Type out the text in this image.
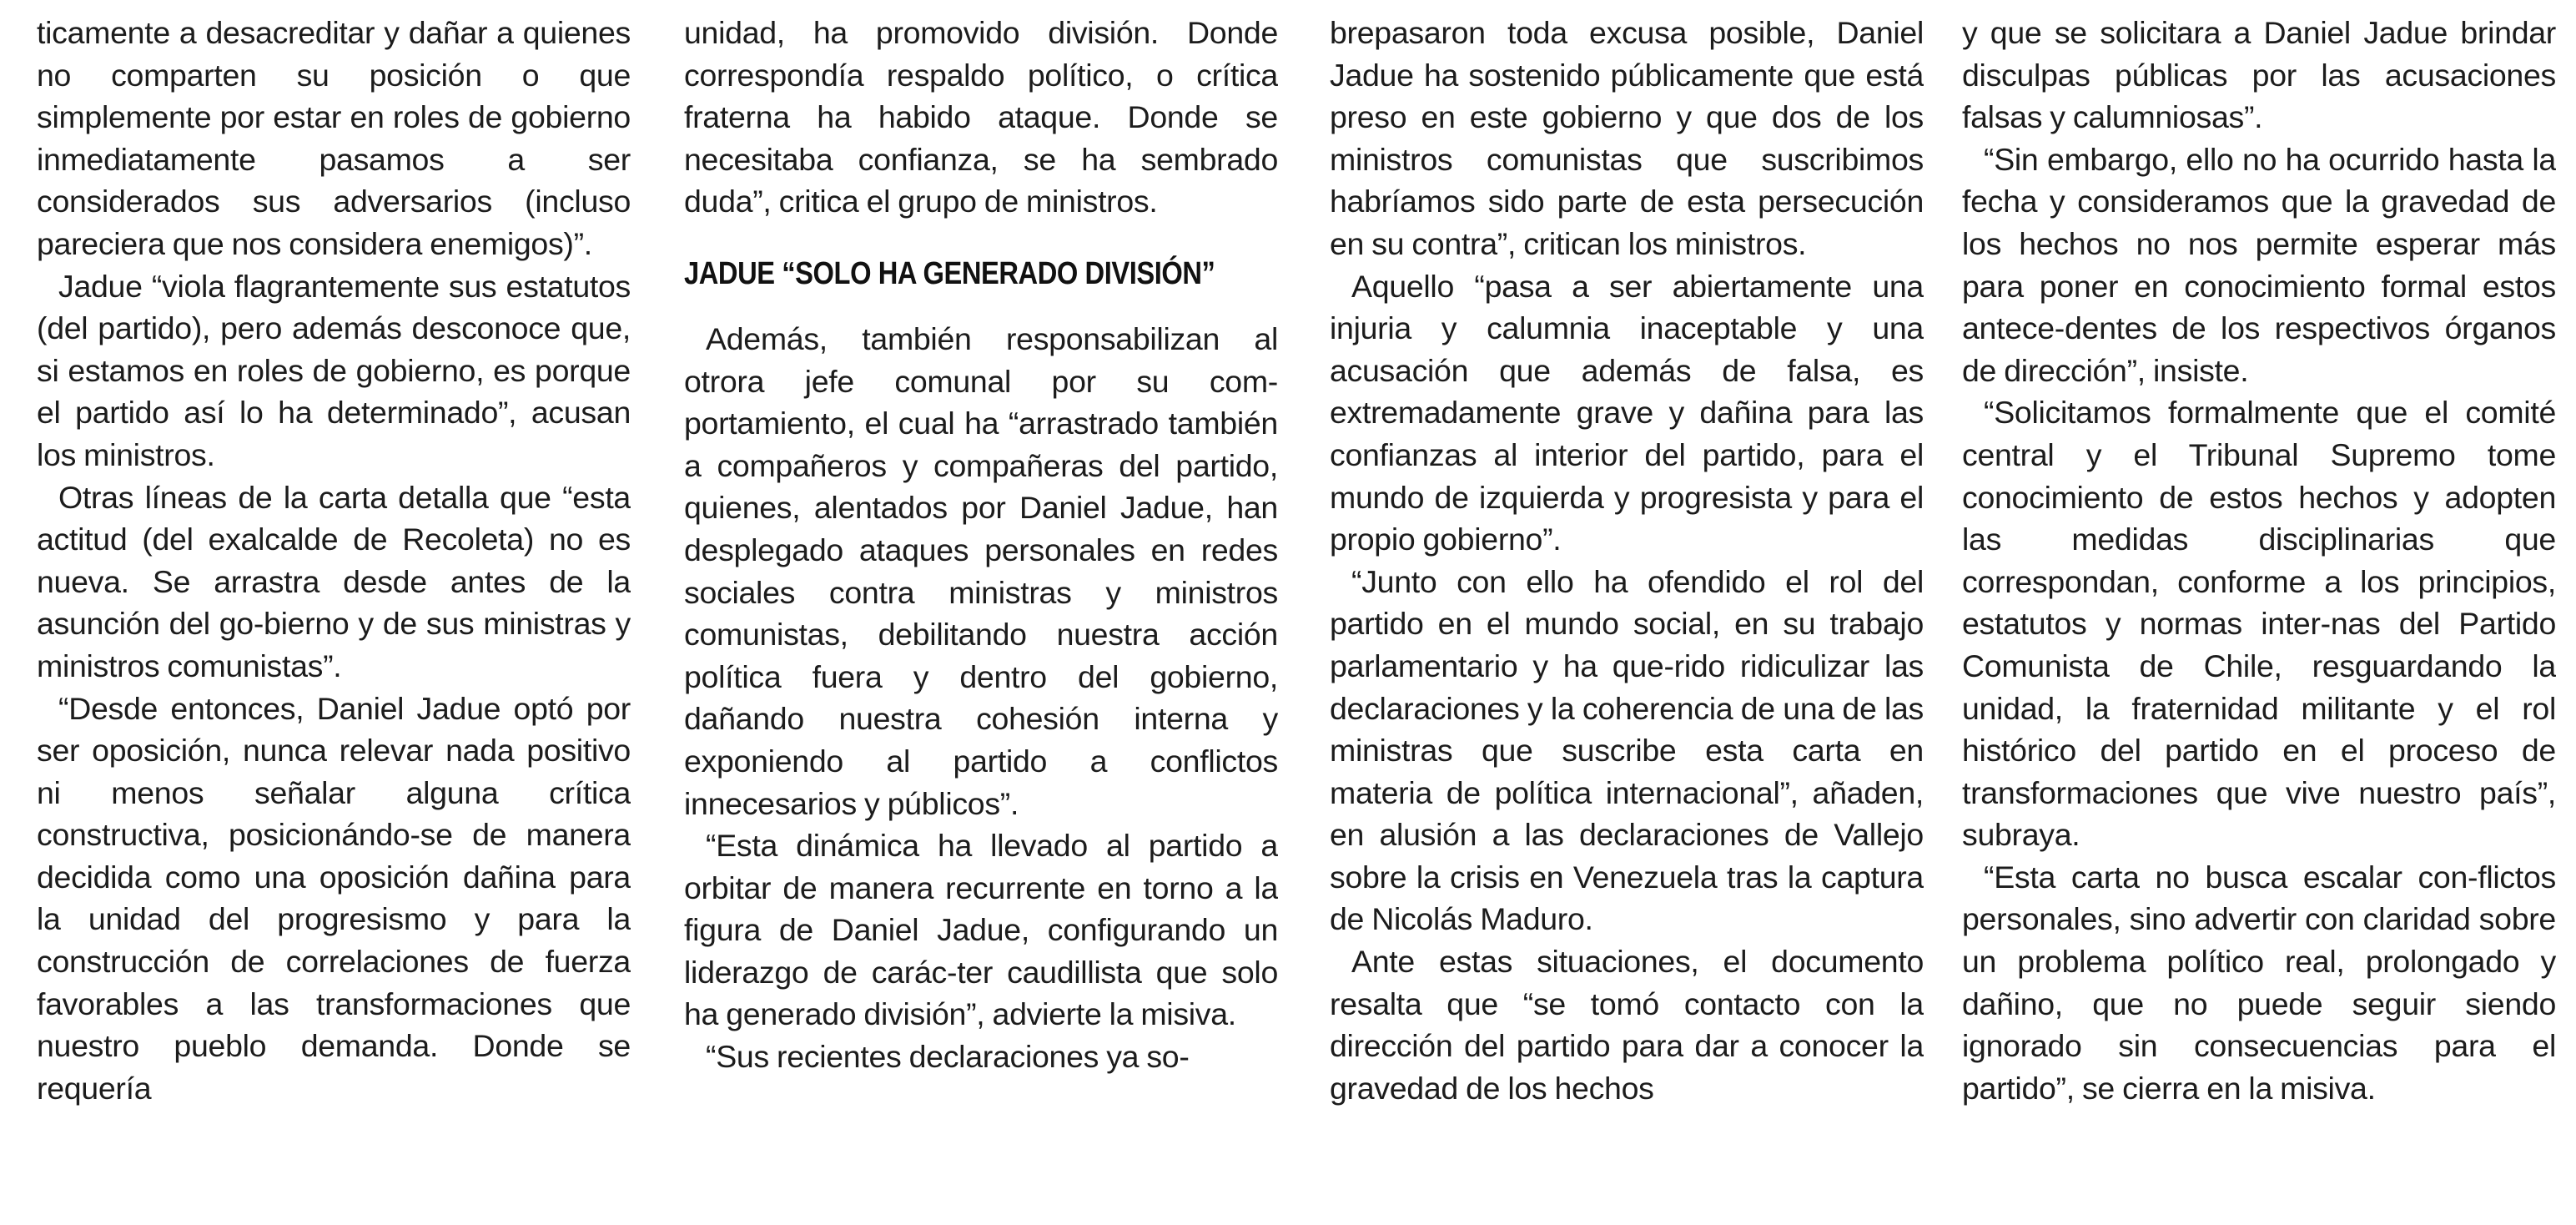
ticamente a desacreditar y dañar a quienes no comparten su posición o que simplemente por estar en roles de gobierno inmediatamente pasamos a ser considerados sus adversarios (incluso pareciera que nos considera enemigos)”.

Jadue “viola flagrantemente sus estatutos (del partido), pero además desconoce que, si estamos en roles de gobierno, es porque el partido así lo ha determinado”, acusan los ministros.

Otras líneas de la carta detalla que “esta actitud (del exalcalde de Recoleta) no es nueva. Se arrastra desde antes de la asunción del go-bierno y de sus ministras y ministros comunistas”.

“Desde entonces, Daniel Jadue optó por ser oposición, nunca relevar nada positivo ni menos señalar alguna crítica constructiva, posicionándo-se de manera decidida como una oposición dañina para la unidad del progresismo y para la construcción de correlaciones de fuerza favorables a las transformaciones que nuestro pueblo demanda. Donde se requería

unidad, ha promovido división. Donde correspondía respaldo político, o crítica fraterna ha habido ataque. Donde se necesitaba confianza, se ha sembrado duda”, critica el grupo de ministros.

JADUE “SOLO HA GENERADO DIVISIÓN”

Además, también responsabilizan al otrora jefe comunal por su com-portamiento, el cual ha “arrastrado también a compañeros y compañeras del partido, quienes, alentados por Daniel Jadue, han desplegado ataques personales en redes sociales contra ministras y ministros comunistas, debilitando nuestra acción política fuera y dentro del gobierno, dañando nuestra cohesión interna y exponiendo al partido a conflictos innecesarios y públicos”.

“Esta dinámica ha llevado al partido a orbitar de manera recurrente en torno a la figura de Daniel Jadue, configurando un liderazgo de carác-ter caudillista que solo ha generado división”, advierte la misiva.

“Sus recientes declaraciones ya so-

brepasaron toda excusa posible, Daniel Jadue ha sostenido públicamente que está preso en este gobierno y que dos de los ministros comunistas que suscribimos habríamos sido parte de esta persecución en su contra”, critican los ministros.

Aquello “pasa a ser abiertamente una injuria y calumnia inaceptable y una acusación que además de falsa, es extremadamente grave y dañina para las confianzas al interior del partido, para el mundo de izquierda y progresista y para el propio gobierno”.

“Junto con ello ha ofendido el rol del partido en el mundo social, en su trabajo parlamentario y ha que-rido ridiculizar las declaraciones y la coherencia de una de las ministras que suscribe esta carta en materia de política internacional”, añaden, en alusión a las declaraciones de Vallejo sobre la crisis en Venezuela tras la captura de Nicolás Maduro.

Ante estas situaciones, el documento resalta que “se tomó contacto con la dirección del partido para dar a conocer la gravedad de los hechos

y que se solicitara a Daniel Jadue brindar disculpas públicas por las acusaciones falsas y calumniosas”.

“Sin embargo, ello no ha ocurrido hasta la fecha y consideramos que la gravedad de los hechos no nos permite esperar más para poner en conocimiento formal estos antece-dentes de los respectivos órganos de dirección”, insiste.

“Solicitamos formalmente que el comité central y el Tribunal Supremo tome conocimiento de estos hechos y adopten las medidas disciplinarias que correspondan, conforme a los principios, estatutos y normas inter-nas del Partido Comunista de Chile, resguardando la unidad, la fraternidad militante y el rol histórico del partido en el proceso de transformaciones que vive nuestro país”, subraya.

“Esta carta no busca escalar con-flictos personales, sino advertir con claridad sobre un problema político real, prolongado y dañino, que no puede seguir siendo ignorado sin consecuencias para el partido”, se cierra en la misiva.
